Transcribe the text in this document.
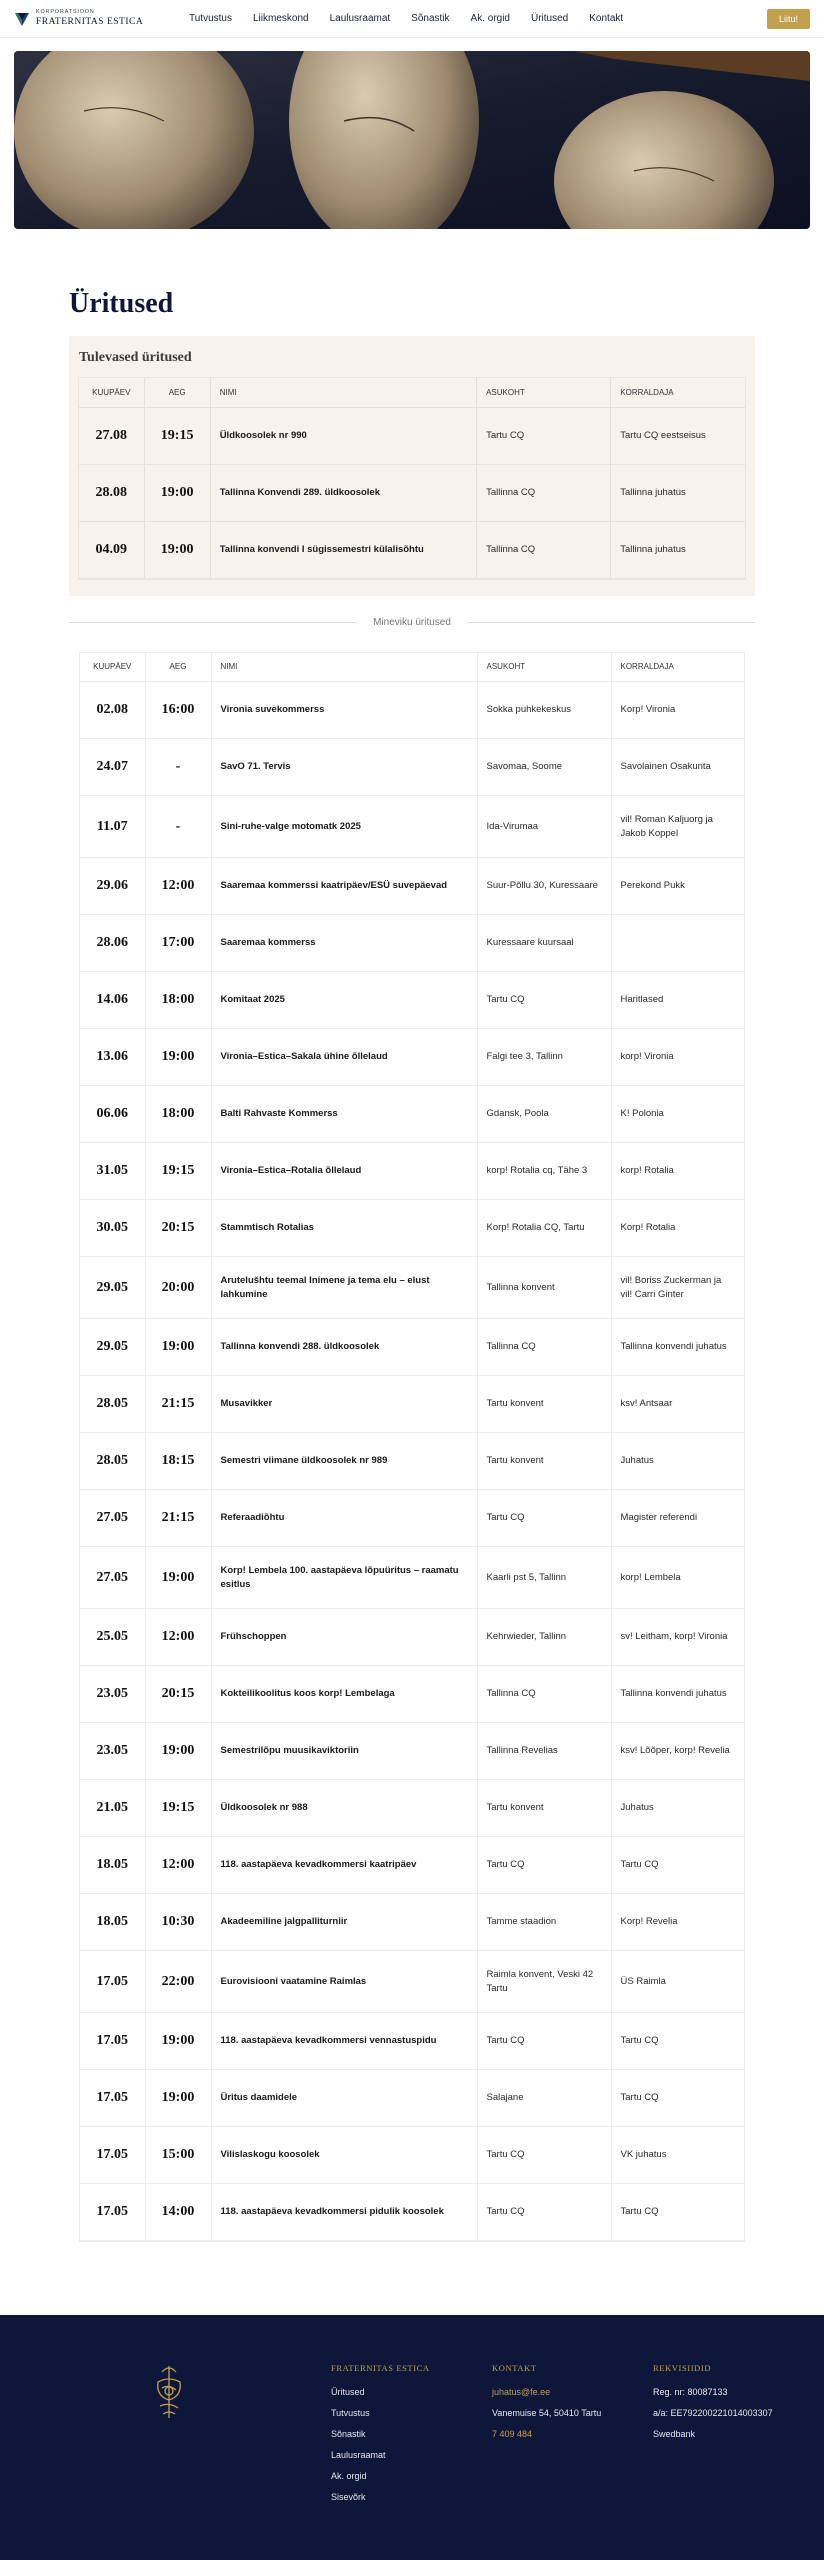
KORPORATSIOON
FRATERNITAS ESTICA	Tutvustus Liikmeskond Laulusraamat Sõnastik Ak. orgid Üritused Kontakt	Liitu!
Üritused
Tulevased üritused
KUUPÄEV	AEG	NIMI	ASUKOHT	KORRALDAJA
27.08	19:15	Üldkoosolek nr 990	Tartu CQ	Tartu CQ eestseisus
28.08	19:00	Tallinna Konvendi 289. üldkoosolek	Tallinna CQ	Tallinna juhatus
04.09	19:00	Tallinna konvendi I sügissemestri külalisõhtu	Tallinna CQ	Tallinna juhatus
Mineviku üritused
KUUPÄEV	AEG	NIMI	ASUKOHT	KORRALDAJA
02.08	16:00	Vironia suvekommerss	Sokka puhkekeskus	Korp! Vironia
24.07	-	SavO 71. Tervis	Savomaa, Soome	Savolainen Osakunta
11.07	-	Sini-ruhe-valge motomatk 2025	Ida-Virumaa	vil! Roman Kaljuorg ja Jakob Koppel
29.06	12:00	Saaremaa kommerssi kaatripäev/ESÜ suvepäevad	Suur-Põllu 30, Kuressaare	Perekond Pukk
28.06	17:00	Saaremaa kommerss	Kuressaare kuursaal	
14.06	18:00	Komitaat 2025	Tartu CQ	Haritlased
13.06	19:00	Vironia–Estica–Sakala ühine õllelaud	Falgi tee 3, Tallinn	korp! Vironia
06.06	18:00	Balti Rahvaste Kommerss	Gdansk, Poola	K! Polonia
31.05	19:15	Vironia–Estica–Rotalia õllelaud	korp! Rotalia cq, Tähe 3	korp! Rotalia
30.05	20:15	Stammtisch Rotalias	Korp! Rotalia CQ, Tartu	Korp! Rotalia
29.05	20:00	Arutelušhtu teemal Inimene ja tema elu – elust lahkumine	Tallinna konvent	vil! Boriss Zuckerman ja vil! Carri Ginter
29.05	19:00	Tallinna konvendi 288. üldkoosolek	Tallinna CQ	Tallinna konvendi juhatus
28.05	21:15	Musavikker	Tartu konvent	ksv! Antsaar
28.05	18:15	Semestri viimane üldkoosolek nr 989	Tartu konvent	Juhatus
27.05	21:15	Referaadiõhtu	Tartu CQ	Magister referendi
27.05	19:00	Korp! Lembela 100. aastapäeva lõpuüritus – raamatu esitlus	Kaarli pst 5, Tallinn	korp! Lembela
25.05	12:00	Frühschoppen	Kehrwieder, Tallinn	sv! Leitham, korp! Vironia
23.05	20:15	Kokteilikoolitus koos korp! Lembelaga	Tallinna CQ	Tallinna konvendi juhatus
23.05	19:00	Semestrilõpu muusikaviktoriin	Tallinna Revelias	ksv! Lõõper, korp! Revelia
21.05	19:15	Üldkoosolek nr 988	Tartu konvent	Juhatus
18.05	12:00	118. aastapäeva kevadkommersi kaatripäev	Tartu CQ	Tartu CQ
18.05	10:30	Akadeemiline jalgpalliturniir	Tamme staadion	Korp! Revelia
17.05	22:00	Eurovisiooni vaatamine Raimlas	Raimla konvent, Veski 42 Tartu	ÜS Raimla
17.05	19:00	118. aastapäeva kevadkommersi vennastuspidu	Tartu CQ	Tartu CQ
17.05	19:00	Üritus daamidele	Salajane	Tartu CQ
17.05	15:00	Vilislaskogu koosolek	Tartu CQ	VK juhatus
17.05	14:00	118. aastapäeva kevadkommersi pidulik koosolek	Tartu CQ	Tartu CQ
FRATERNITAS ESTICA
Üritused
Tutvustus
Sõnastik
Laulusraamat
Ak. orgid
Sisevõrk
KONTAKT
juhatus@fe.ee
Vanemuise 54, 50410 Tartu
7 409 484
REKVISIIDID
Reg. nr: 80087133
a/a: EE792200221014003307
Swedbank
